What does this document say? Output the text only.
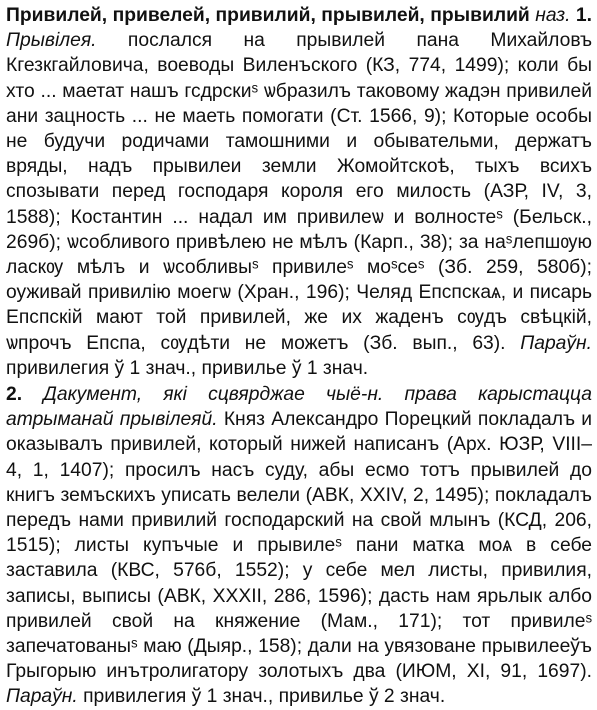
Привилей, привелей, привилий, прывилей, прывилий наз. 1. Прывілея. послался на прывилей пана Михайловъ Кгезкгайловича, воеводы Виленъского (КЗ, 774, 1499); коли бы хто ... маетат нашъ гсдрскиˢ ѡбразилъ таковому жадэн привилей ани зацность ... не маеть помогати (Ст. 1566, 9); Которые особы не будучи родичами тамошними и обывательми, держатъ вряды, надъ прывилеи земли Жомойтскоѣ, тыхъ всихъ спозывати перед господаря короля его милость (АЗР, IV, 3, 1588); Костантин ... надал им привилеѡ и волностеˢ (Бельск., 269б); ѡсобливого привѣлею не мѣлъ (Карп., 38); за наˢлепшѹю ласкѹ мѣлъ и ѡсобливыˢ привилеˢ моˢсеˢ (Зб. 259, 580б); оуживай привилію моегѡ (Хран., 196); Челяд Епспскаѧ, и писарь Епспскій мают той привилей, же их жаденъ сѹдъ свѣцкій, ѡпрочъ Епспа, сѹдѣти не можетъ (Зб. вып., 63). Параўн. привилегия ў 1 знач., привилье ў 1 знач.

2. Дакумент, які сцвярджае чыё-н. права карыстацца атрыманай прывілеяй. Княз Александро Порецкий покладалъ и оказывалъ привилей, который нижей написанъ (Арх. ЮЗР, VIII–4, 1, 1407); просилъ насъ суду, абы есмо тотъ прывилей до книгъ земъскихъ уписать велели (АВК, XXIV, 2, 1495); покладалъ передъ нами привилий господарский на свой млынъ (КСД, 206, 1515); листы купъчые и прывилеˢ пани матка моѧ в себе заставила (КВС, 576б, 1552); у себе мел листы, привилия, записы, выписы (АВК, XXXII, 286, 1596); дасть нам ярьлык албо привилей свой на княжение (Мам., 171); тот привилеˢ запечатованыˢ маю (Дыяр., 158); дали на увязоване прывилееўъ Грыгорыю инътролигатору золотыхъ два (ИЮМ, XI, 91, 1697). Параўн. привилегия ў 1 знач., привилье ў 2 знач.
